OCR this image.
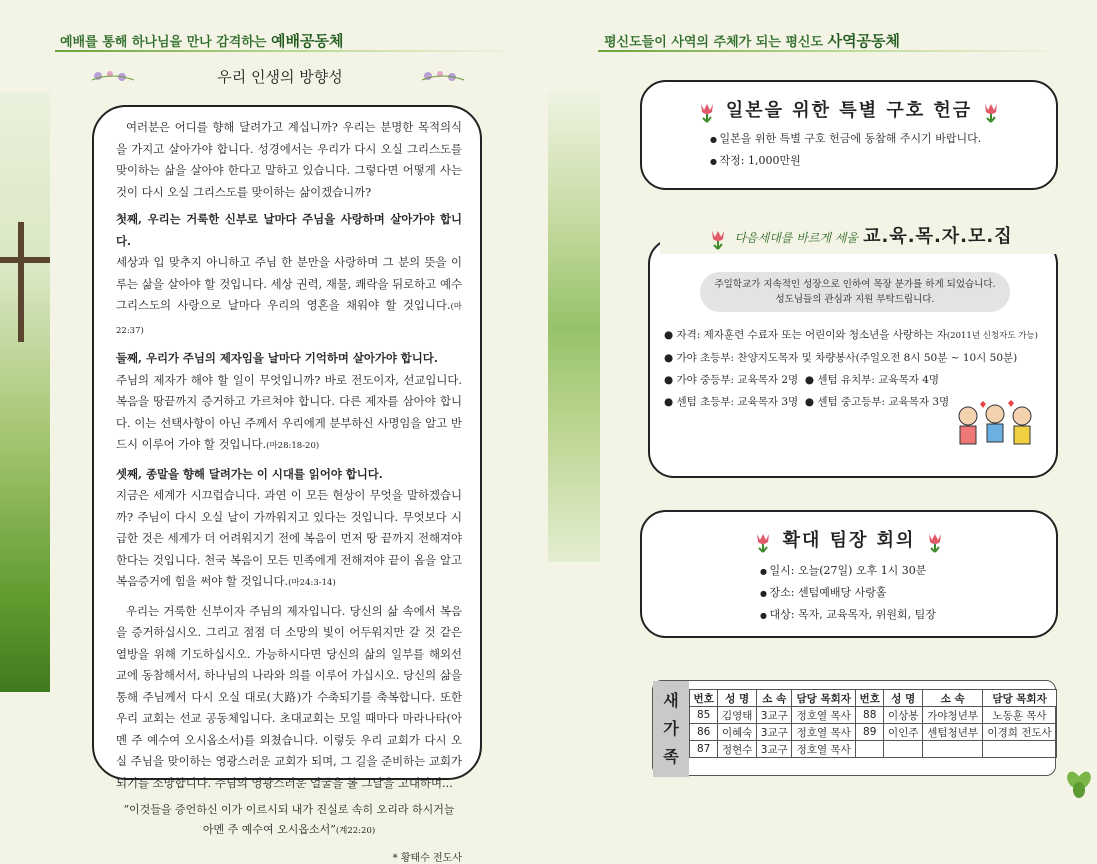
예배를 통해 하나님을 만나 감격하는 예배공동체
우리 인생의 방향성

여러분은 어디를 향해 달려가고 계십니까? 우리는 분명한 목적의식을 가지고 살아가야 합니다. 성경에서는 우리가 다시 오실 그리스도를 맞이하는 삶을 살아야 한다고 말하고 있습니다. 그렇다면 어떻게 사는 것이 다시 오실 그리스도를 맞이하는 삶이겠습니까?

첫째, 우리는 거룩한 신부로 날마다 주님을 사랑하며 살아가야 합니다.
세상과 입 맞추지 아니하고 주님 한 분만을 사랑하며 그 분의 뜻을 이루는 삶을 살아야 할 것입니다. 세상 권력, 재물, 쾌락을 뒤로하고 예수그리스도의 사랑으로 날마다 우리의 영혼을 채워야 할 것입니다.(마22:37)

둘째, 우리가 주님의 제자임을 날마다 기억하며 살아가야 합니다.
주님의 제자가 해야 할 일이 무엇입니까? 바로 전도이자, 선교입니다. 복음을 땅끝까지 증거하고 가르쳐야 합니다. 다른 제자를 삼아야 합니다. 이는 선택사항이 아닌 주께서 우리에게 분부하신 사명임을 알고 반드시 이루어 가야 할 것입니다.(마28:18-20)

셋째, 종말을 향해 달려가는 이 시대를 읽어야 합니다.
지금은 세계가 시끄럽습니다. 과연 이 모든 현상이 무엇을 말하겠습니까? 주님이 다시 오실 날이 가까워지고 있다는 것입니다. 무엇보다 시급한 것은 세계가 더 어려워지기 전에 복음이 먼저 땅 끝까지 전해져야 한다는 것입니다. 천국 복음이 모든 민족에게 전해져야 끝이 옴을 알고 복음증거에 힘을 써야 할 것입니다.(마24:3-14)

우리는 거룩한 신부이자 주님의 제자입니다. 당신의 삶 속에서 복음을 증거하십시오. 그리고 점점 더 소망의 빛이 어두워지만 갈 것 같은 열방을 위해 기도하십시오. 가능하시다면 당신의 삶의 일부를 해외선교에 동참해서서, 하나님의 나라와 의를 이루어 가십시오. 당신의 삶을 통해 주님께서 다시 오실 대로(大路)가 수축되기를 축복합니다. 또한 우리 교회는 선교 공동체입니다. 초대교회는 모일 때마다 마라나타(아멘 주 예수여 오시옵소서)를 외쳤습니다. 이렇듯 우리 교회가 다시 오실 주님을 맞이하는 영광스러운 교회가 되며, 그 길을 준비하는 교회가 되기를 소망합니다. 주님의 영광스러운 얼굴을 볼 그날을 고대하며...

“이것들을 증언하신 이가 이르시되 내가 진실로 속히 오리라 하시거늘
아멘 주 예수여 오시옵소서”(계22:20)
* 황태수 전도사
평신도들이 사역의 주체가 되는 평신도 사역공동체
일본을 위한 특별 구호 헌금
● 일본을 위한 특별 구호 헌금에 동참해 주시기 바랍니다.
● 작정: 1,000만원
다음세대를 바르게 세울 교.육.목.자.모.집
주일학교가 지속적인 성장으로 인하여 목장 분가를 하게 되었습니다.
성도님들의 관심과 지원 부탁드립니다.
● 자격: 제자훈련 수료자 또는 어린이와 청소년을 사랑하는 자(2011년 신청자도 가능)
● 가야 초등부: 찬양지도목자 및 차량봉사(주일오전 8시 50분 ~ 10시 50분)
● 가야 중등부: 교육목자 2명  ● 센텀 유치부: 교육목자 4명
● 센텀 초등부: 교육목자 3명  ● 센텀 중고등부: 교육목자 3명
확대 팀장 회의
● 일시: 오늘(27일) 오후 1시 30분
● 장소: 센텀예배당 사랑홀
● 대상: 목자, 교육목자, 위원회, 팀장
새
가
족
번호	성 명	소 속	담당 목회자	번호	성 명	소 속	담당 목회자
85	김영태	3교구	정호열 목사	88	이상봉	가야청년부	노동훈 목사
86	이혜숙	3교구	정호열 목사	89	이인주	센텀청년부	이경희 전도사
87	정현수	3교구	정호열 목사				
